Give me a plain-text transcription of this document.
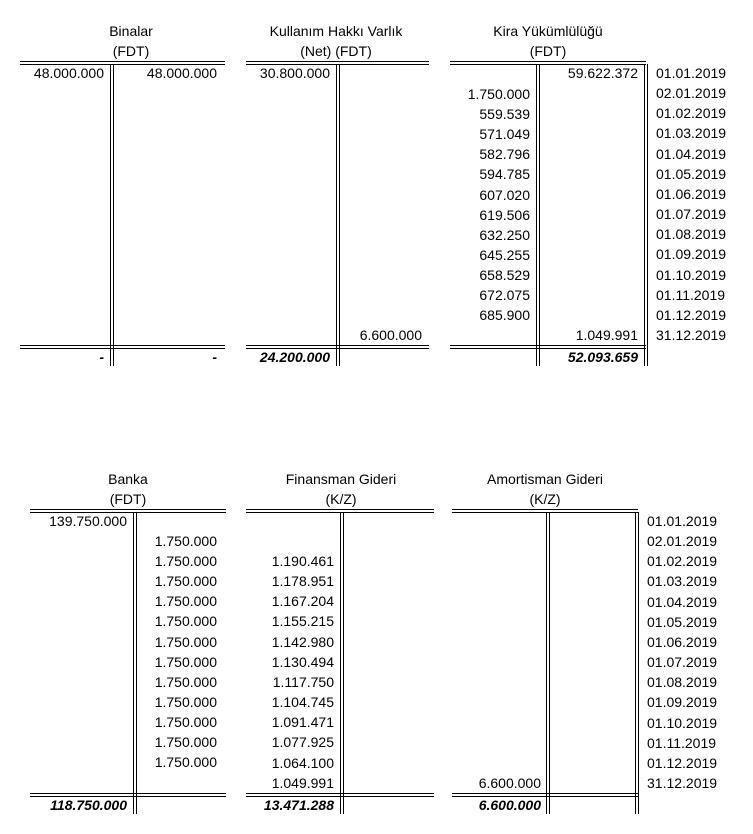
Binalar
(FDT)
48.000.000	48.000.000
-	-
Kullanım Hakkı Varlık
(Net) (FDT)
30.800.000
6.600.000
24.200.000
Kira Yükümlülüğü
(FDT)
59.622.372
1.750.000
559.539
571.049
582.796
594.785
607.020
619.506
632.250
645.255
658.529
672.075
685.900
1.049.991
52.093.659
01.01.2019
02.01.2019
01.02.2019
01.03.2019
01.04.2019
01.05.2019
01.06.2019
01.07.2019
01.08.2019
01.09.2019
01.10.2019
01.11.2019
01.12.2019
31.12.2019
Banka
(FDT)
139.750.000
1.750.000
1.750.000
1.750.000
1.750.000
1.750.000
1.750.000
1.750.000
1.750.000
1.750.000
1.750.000
1.750.000
1.750.000
118.750.000
Finansman Gideri
(K/Z)
1.190.461
1.178.951
1.167.204
1.155.215
1.142.980
1.130.494
1.117.750
1.104.745
1.091.471
1.077.925
1.064.100
1.049.991
13.471.288
Amortisman Gideri
(K/Z)
6.600.000
6.600.000
01.01.2019
02.01.2019
01.02.2019
01.03.2019
01.04.2019
01.05.2019
01.06.2019
01.07.2019
01.08.2019
01.09.2019
01.10.2019
01.11.2019
01.12.2019
31.12.2019
